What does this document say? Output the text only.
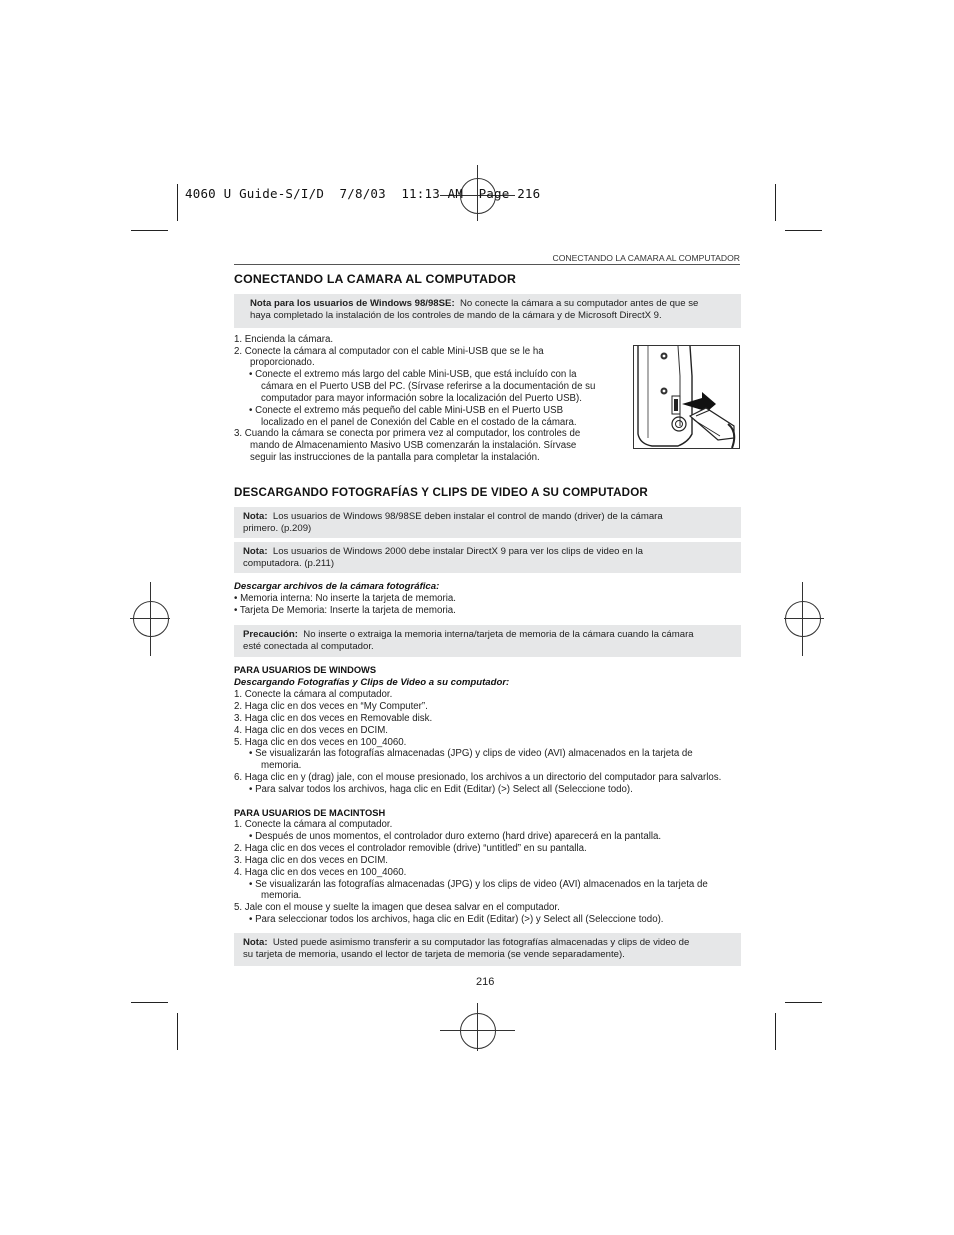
4060 U Guide-S/I/D  7/8/03  11:13 AM  Page 216
CONECTANDO LA CAMARA AL COMPUTADOR
CONECTANDO LA CAMARA AL COMPUTADOR
Nota para los usuarios de Windows 98/98SE: No conecte la cámara a su computador antes de que se
haya completado la instalación de los controles de mando de la cámara y de Microsoft DirectX 9.
1. Encienda la cámara.
2. Conecte la cámara al computador con el cable Mini-USB que se le ha
proporcionado.
• Conecte el extremo más largo del cable Mini-USB, que está incluído con la
cámara en el Puerto USB del PC. (Sírvase referirse a la documentación de su
computador para mayor información sobre la localización del Puerto USB).
• Conecte el extremo más pequeño del cable Mini-USB en el Puerto USB
localizado en el panel de Conexión del Cable en el costado de la cámara.
3. Cuando la cámara se conecta por primera vez al computador, los controles de
mando de Almacenamiento Masivo USB comenzarán la instalación. Sírvase
seguir las instrucciones de la pantalla para completar la instalación.
DESCARGANDO FOTOGRAFÍAS Y CLIPS DE VIDEO A SU COMPUTADOR
Nota: Los usuarios de Windows 98/98SE deben instalar el control de mando (driver) de la cámara
primero. (p.209)
Nota: Los usuarios de Windows 2000 debe instalar DirectX 9 para ver los clips de video en la
computadora. (p.211)
Descargar archivos de la cámara fotográfica:
• Memoria interna: No inserte la tarjeta de memoria.
• Tarjeta De Memoria: Inserte la tarjeta de memoria.
Precaución: No inserte o extraiga la memoria interna/tarjeta de memoria de la cámara cuando la cámara
esté conectada al computador.
PARA USUARIOS DE WINDOWS
Descargando Fotografías y Clips de Video a su computador:
1. Conecte la cámara al computador.
2. Haga clic en dos veces en “My Computer”.
3. Haga clic en dos veces en Removable disk.
4. Haga clic en dos veces en DCIM.
5. Haga clic en dos veces en 100_4060.
• Se visualizarán las fotografías almacenadas (JPG) y clips de video (AVI) almacenados en la tarjeta de
memoria.
6. Haga clic en y (drag) jale, con el mouse presionado, los archivos a un directorio del computador para salvarlos.
• Para salvar todos los archivos, haga clic en Edit (Editar) (>) Select all (Seleccione todo).
PARA USUARIOS DE MACINTOSH
1. Conecte la cámara al computador.
• Después de unos momentos, el controlador duro externo (hard drive) aparecerá en la pantalla.
2. Haga clic en dos veces el controlador removible (drive) “untitled” en su pantalla.
3. Haga clic en dos veces en DCIM.
4. Haga clic en dos veces en 100_4060.
• Se visualizarán las fotografías almacenadas (JPG) y los clips de video (AVI) almacenados en la tarjeta de
memoria.
5. Jale con el mouse y suelte la imagen que desea salvar en el computador.
• Para seleccionar todos los archivos, haga clic en Edit (Editar) (>) y Select all (Seleccione todo).
Nota: Usted puede asimismo transferir a su computador las fotografías almacenadas y clips de video de
su tarjeta de memoria, usando el lector de tarjeta de memoria (se vende separadamente).
216
